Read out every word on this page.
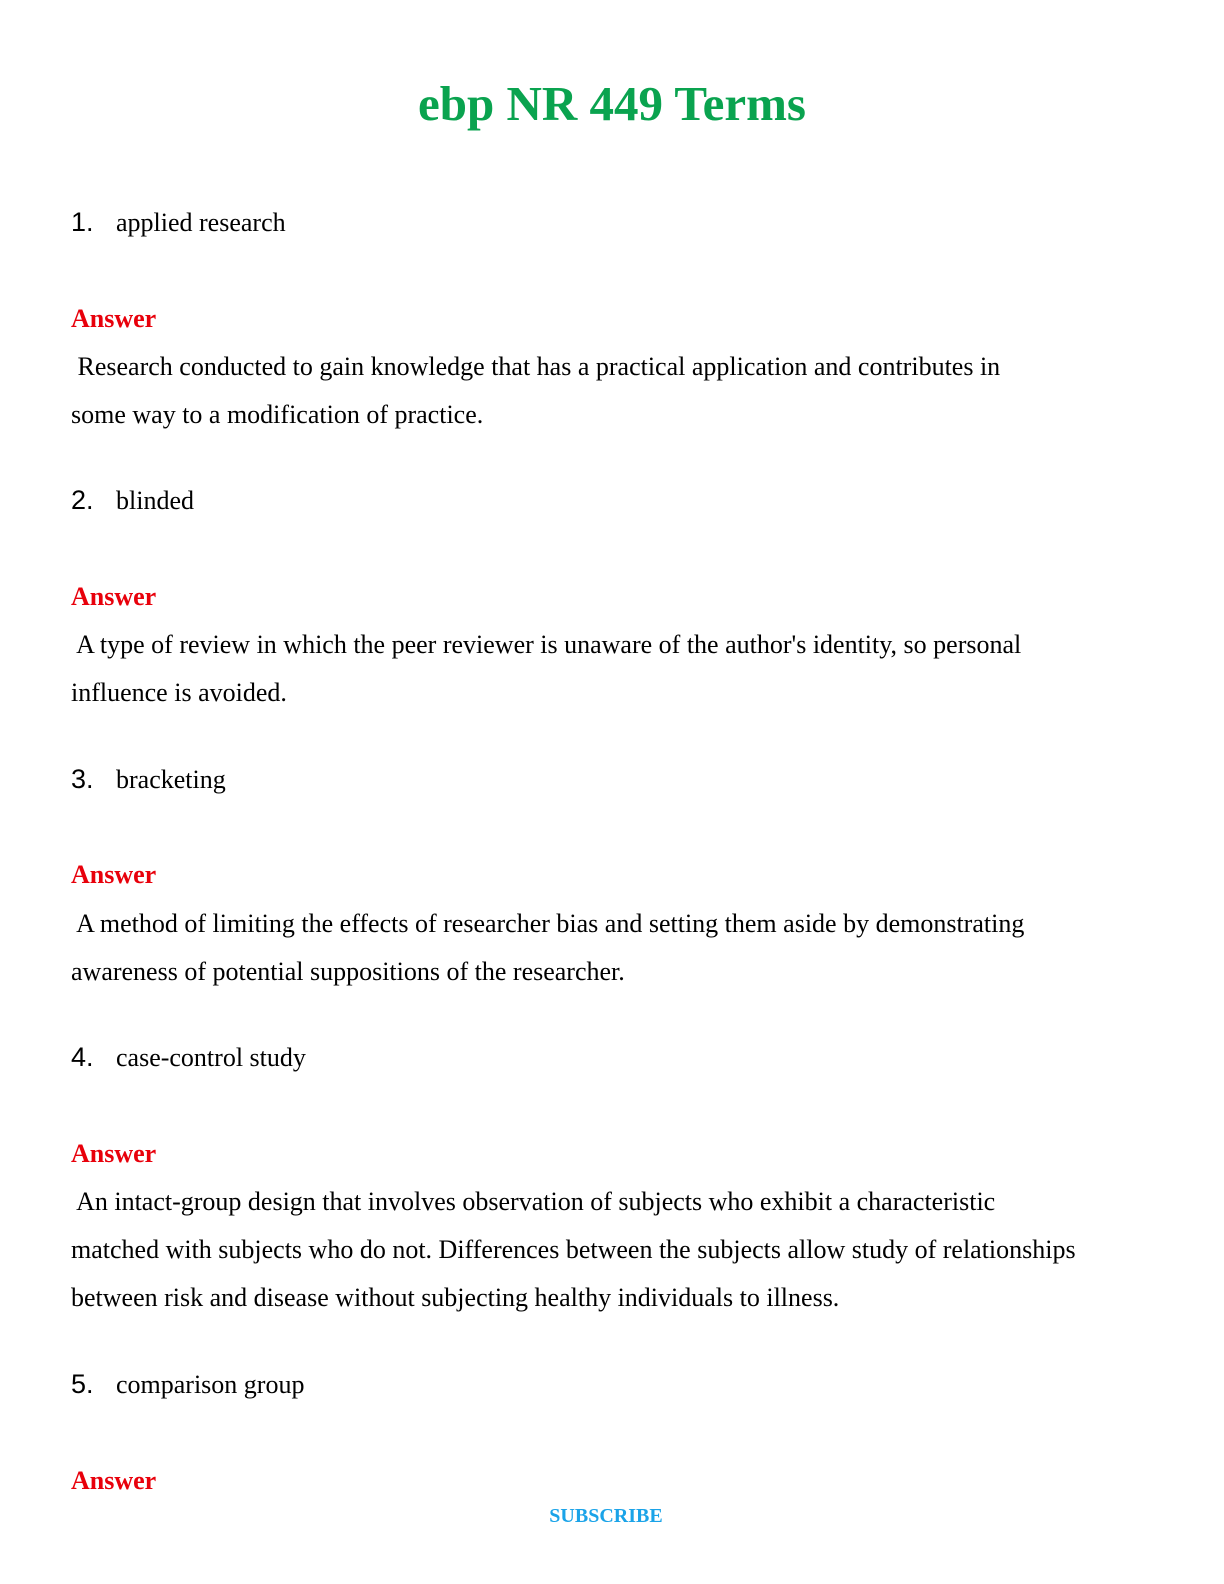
ebp NR 449 Terms
1. applied research
Answer
Research conducted to gain knowledge that has a practical application and contributes in
some way to a modification of practice.
2. blinded
Answer
A type of review in which the peer reviewer is unaware of the author's identity, so personal
influence is avoided.
3. bracketing
Answer
A method of limiting the effects of researcher bias and setting them aside by demonstrating
awareness of potential suppositions of the researcher.
4. case-control study
Answer
An intact-group design that involves observation of subjects who exhibit a characteristic
matched with subjects who do not. Differences between the subjects allow study of relationships
between risk and disease without subjecting healthy individuals to illness.
5. comparison group
Answer
SUBSCRIBE
